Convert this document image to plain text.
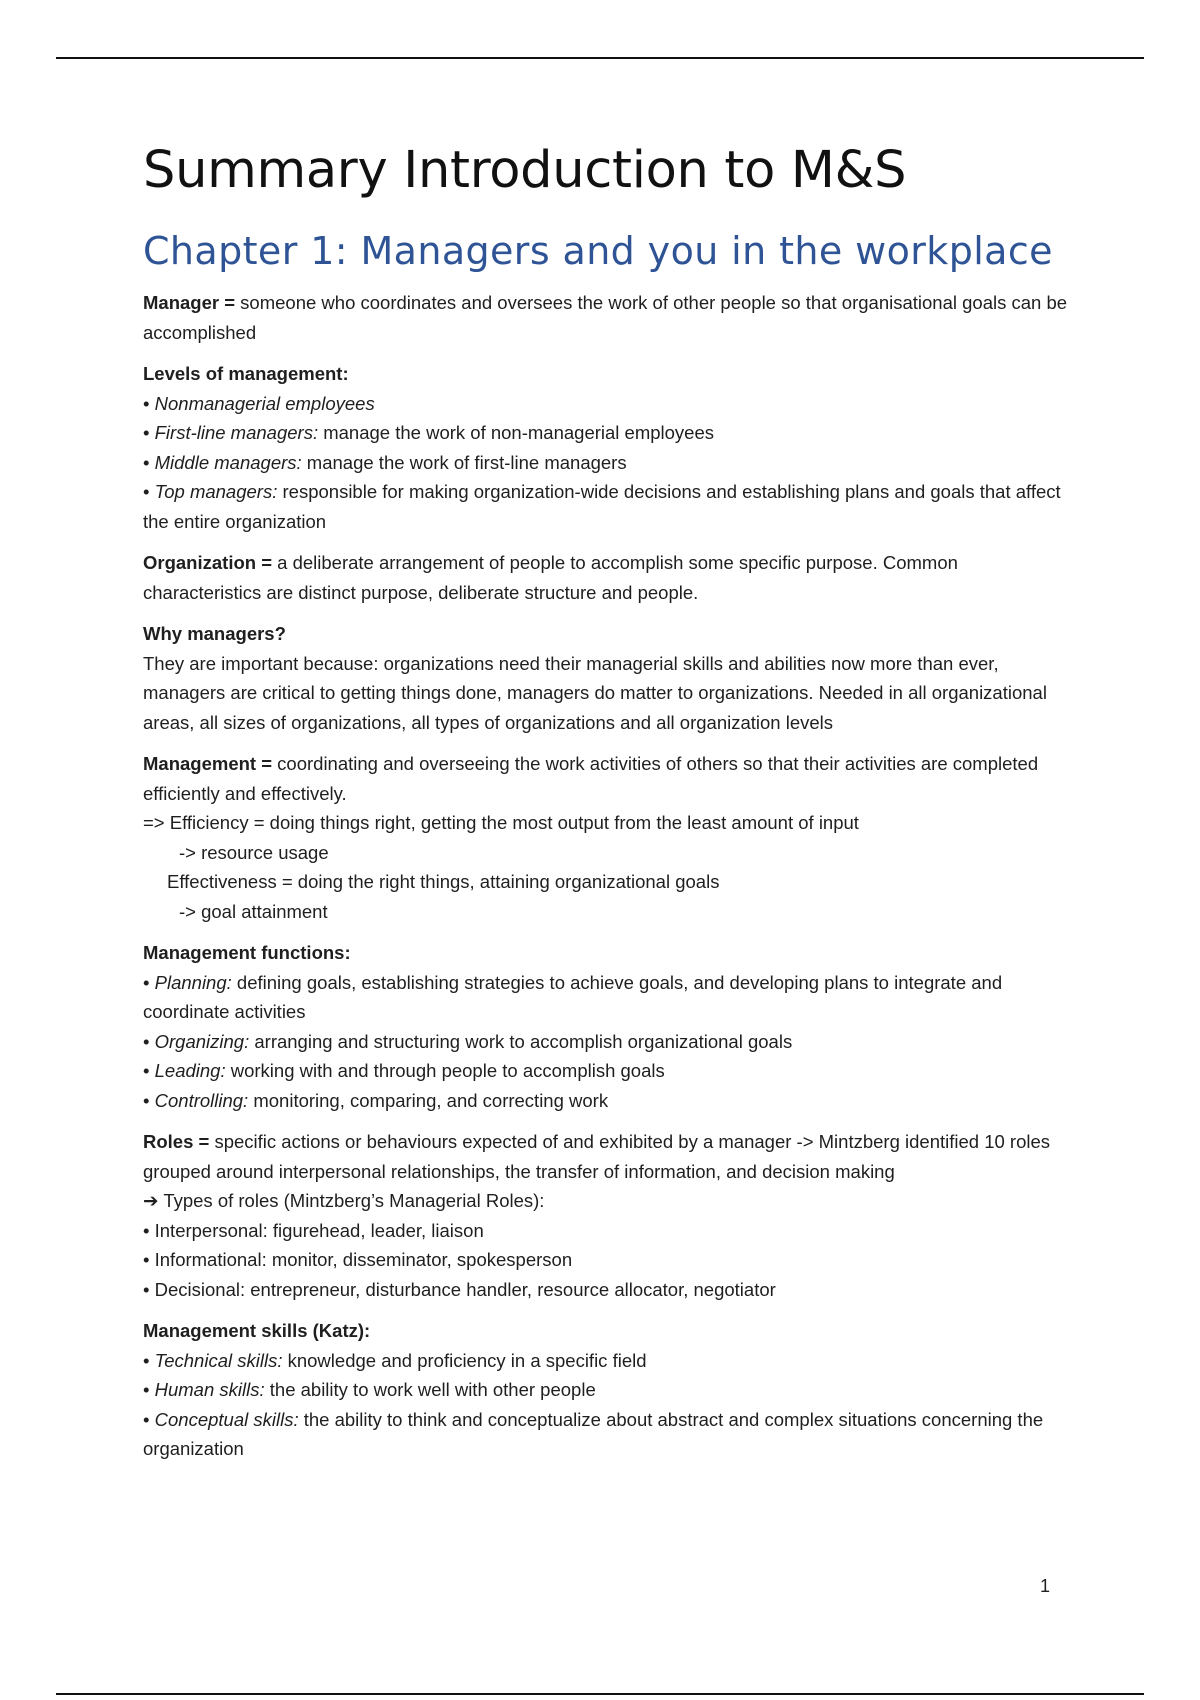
Summary Introduction to M&S
Chapter 1: Managers and you in the workplace

Manager = someone who coordinates and oversees the work of other people so that organisational goals can be accomplished

Levels of management:
• Nonmanagerial employees
• First-line managers: manage the work of non-managerial employees
• Middle managers: manage the work of first-line managers
• Top managers: responsible for making organization-wide decisions and establishing plans and goals that affect the entire organization

Organization = a deliberate arrangement of people to accomplish some specific purpose. Common characteristics are distinct purpose, deliberate structure and people.

Why managers?
They are important because: organizations need their managerial skills and abilities now more than ever, managers are critical to getting things done, managers do matter to organizations. Needed in all organizational areas, all sizes of organizations, all types of organizations and all organization levels
Management = coordinating and overseeing the work activities of others so that their activities are completed efficiently and effectively.
=> Efficiency = doing things right, getting the most output from the least amount of input
-> resource usage
Effectiveness = doing the right things, attaining organizational goals
-> goal attainment
Management functions:
• Planning: defining goals, establishing strategies to achieve goals, and developing plans to integrate and coordinate activities
• Organizing: arranging and structuring work to accomplish organizational goals
• Leading: working with and through people to accomplish goals
• Controlling: monitoring, comparing, and correcting work
Roles = specific actions or behaviours expected of and exhibited by a manager -> Mintzberg identified 10 roles grouped around interpersonal relationships, the transfer of information, and decision making
➔ Types of roles (Mintzberg’s Managerial Roles):
• Interpersonal: figurehead, leader, liaison
• Informational: monitor, disseminator, spokesperson
• Decisional: entrepreneur, disturbance handler, resource allocator, negotiator
Management skills (Katz):
• Technical skills: knowledge and proficiency in a specific field
• Human skills: the ability to work well with other people
• Conceptual skills: the ability to think and conceptualize about abstract and complex situations concerning the organization
1
